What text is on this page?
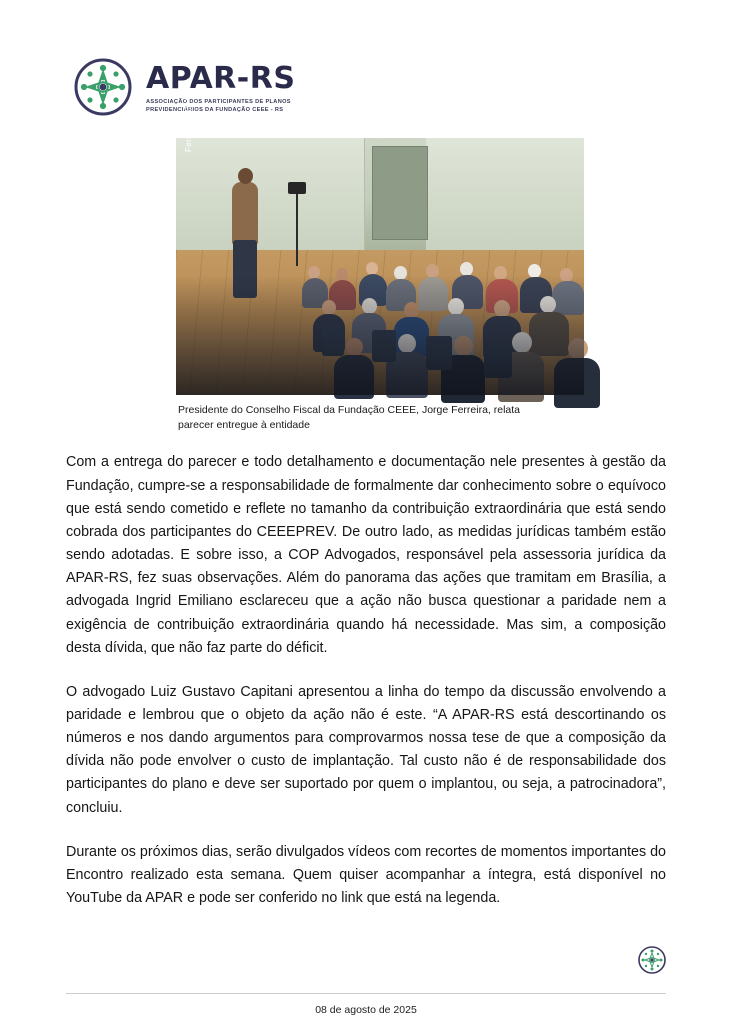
APAR-RS
ASSOCIAÇÃO DOS PARTICIPANTES DE PLANOS
PREVIDENCIÁRIOS DA FUNDAÇÃO CEEE - RS
Fernando C. Vieira
Presidente do Conselho Fiscal da Fundação CEEE, Jorge Ferreira, relata parecer entregue à entidade

Com a entrega do parecer e todo detalhamento e documentação nele presentes à gestão da Fundação, cumpre-se a responsabilidade de formalmente dar conhecimento sobre o equívoco que está sendo cometido e reflete no tamanho da contribuição extraordinária que está sendo cobrada dos participantes do CEEEPREV. De outro lado, as medidas jurídicas também estão sendo adotadas. E sobre isso, a COP Advogados, responsável pela assessoria jurídica da APAR-RS, fez suas observações. Além do panorama das ações que tramitam em Brasília, a advogada Ingrid Emiliano esclareceu que a ação não busca questionar a paridade nem a exigência de contribuição extraordinária quando há necessidade. Mas sim, a composição desta dívida, que não faz parte do déficit.

O advogado Luiz Gustavo Capitani apresentou a linha do tempo da discussão envolvendo a paridade e lembrou que o objeto da ação não é este. “A APAR-RS está descortinando os números e nos dando argumentos para comprovarmos nossa tese de que a composição da dívida não pode envolver o custo de implantação. Tal custo não é de responsabilidade dos participantes do plano e deve ser suportado por quem o implantou, ou seja, a patrocinadora”, concluiu.

Durante os próximos dias, serão divulgados vídeos com recortes de momentos importantes do Encontro realizado esta semana. Quem quiser acompanhar a íntegra, está disponível no YouTube da APAR e pode ser conferido no link que está na legenda.

08 de agosto de 2025
